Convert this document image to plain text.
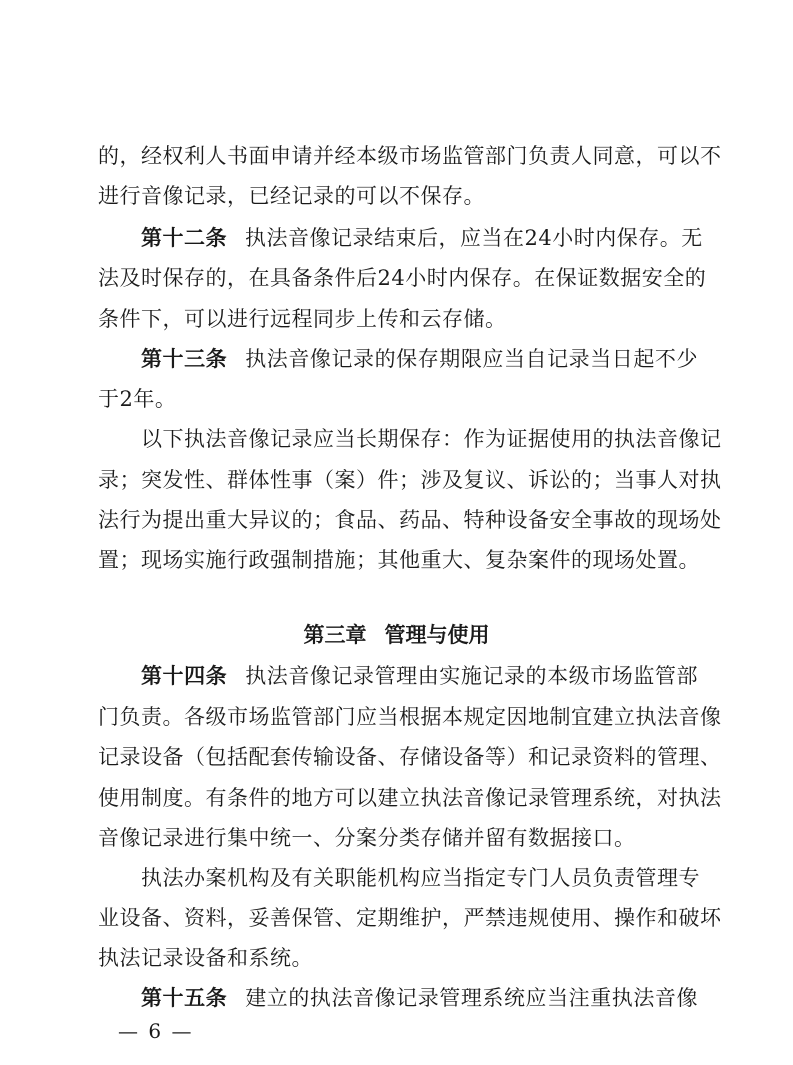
的，经权利人书面申请并经本级市场监管部门负责人同意，可以不
进行音像记录，已经记录的可以不保存。
第十二条 执法音像记录结束后，应当在24小时内保存。无
法及时保存的，在具备条件后24小时内保存。在保证数据安全的
条件下，可以进行远程同步上传和云存储。
第十三条 执法音像记录的保存期限应当自记录当日起不少
于2年。
以下执法音像记录应当长期保存：作为证据使用的执法音像记
录；突发性、群体性事（案）件；涉及复议、诉讼的；当事人对执
法行为提出重大异议的；食品、药品、特种设备安全事故的现场处
置；现场实施行政强制措施；其他重大、复杂案件的现场处置。
第三章 管理与使用
第十四条 执法音像记录管理由实施记录的本级市场监管部
门负责。各级市场监管部门应当根据本规定因地制宜建立执法音像
记录设备（包括配套传输设备、存储设备等）和记录资料的管理、
使用制度。有条件的地方可以建立执法音像记录管理系统，对执法
音像记录进行集中统一、分案分类存储并留有数据接口。
执法办案机构及有关职能机构应当指定专门人员负责管理专
业设备、资料，妥善保管、定期维护，严禁违规使用、操作和破坏
执法记录设备和系统。
第十五条 建立的执法音像记录管理系统应当注重执法音像
— 6 —
